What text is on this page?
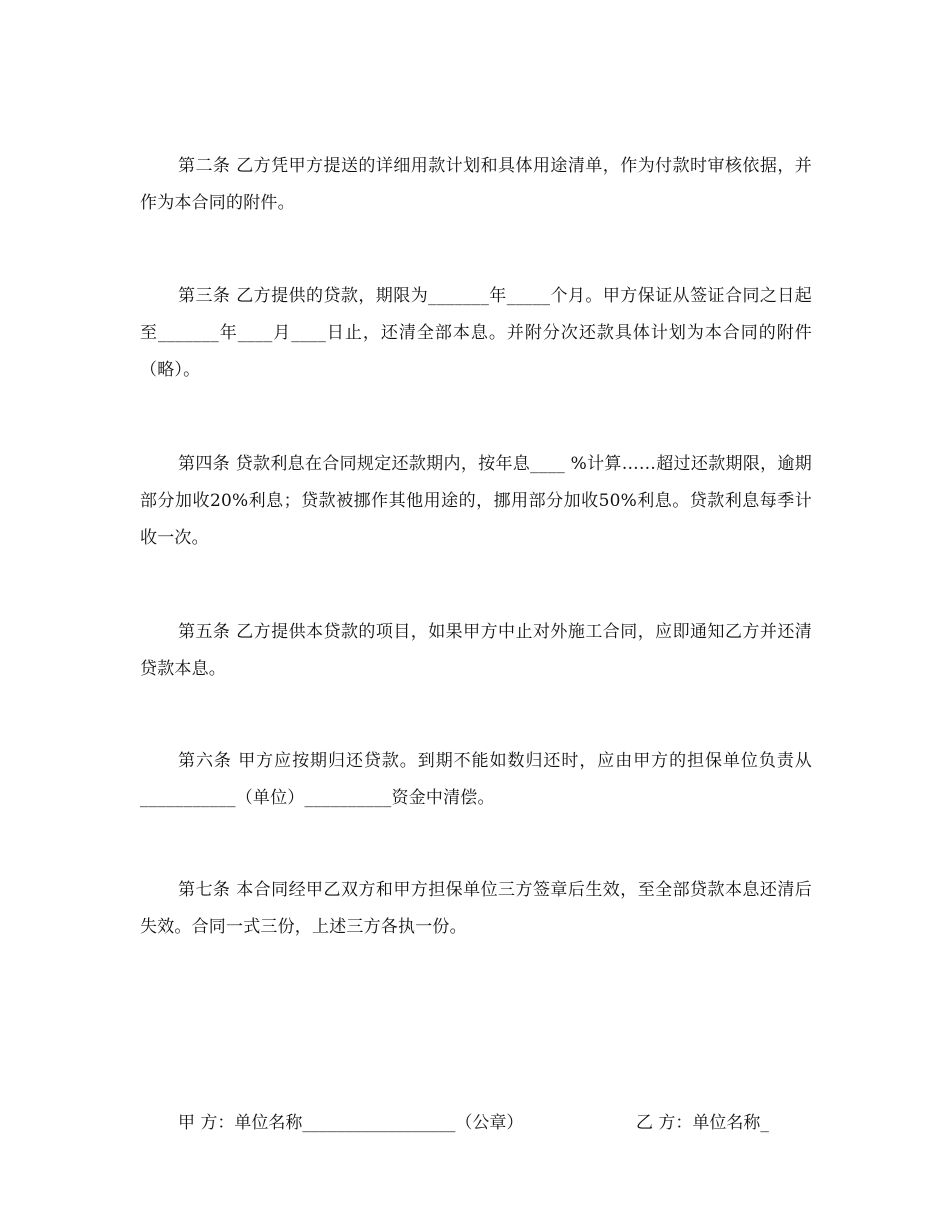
第二条 乙方凭甲方提送的详细用款计划和具体用途清单，作为付款时审核依据，并作为本合同的附件。

第三条 乙方提供的贷款，期限为_______年_____个月。甲方保证从签证合同之日起至_______年____月____日止，还清全部本息。并附分次还款具体计划为本合同的附件（略）。

第四条 贷款利息在合同规定还款期内，按年息____ %计算……超过还款期限，逾期部分加收20%利息；贷款被挪作其他用途的，挪用部分加收50%利息。贷款利息每季计收一次。

第五条 乙方提供本贷款的项目，如果甲方中止对外施工合同，应即通知乙方并还清贷款本息。

第六条 甲方应按期归还贷款。到期不能如数归还时，应由甲方的担保单位负责从___________（单位）__________资金中清偿。

第七条 本合同经甲乙双方和甲方担保单位三方签章后生效，至全部贷款本息还清后失效。合同一式三份，上述三方各执一份。

甲 方：单位名称__________________（公章）	乙 方：单位名称_
